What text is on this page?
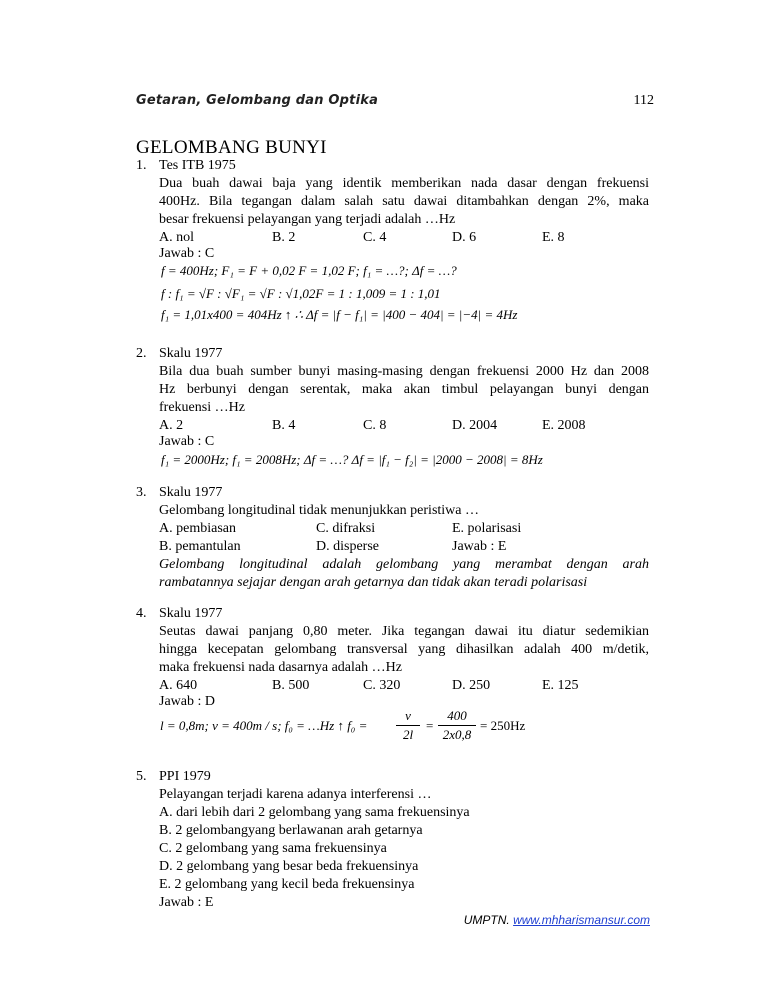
Getaran, Gelombang dan Optika	112
GELOMBANG BUNYI
1. Tes ITB 1975
Dua buah dawai baja yang identik memberikan nada dasar dengan frekuensi
400Hz. Bila tegangan dalam salah satu dawai ditambahkan dengan 2%, maka
besar frekuensi pelayangan yang terjadi adalah …Hz
A. nol	B. 2	C. 4	D. 6	E. 8
Jawab : C
f = 400Hz; F₁ = F + 0,02 F = 1,02 F; f₁ = …?; Δf = …?
f : f₁ = √F : √F₁ = √F : √1,02F = 1 : 1,009 = 1 : 1,01
f₁ = 1,01x400 = 404Hz ↑ ∴ Δf = |f − f₁| = |400 − 404| = |−4| = 4Hz
2. Skalu 1977
Bila dua buah sumber bunyi masing-masing dengan frekuensi 2000 Hz dan 2008
Hz berbunyi dengan serentak, maka akan timbul pelayangan bunyi dengan
frekuensi …Hz
A. 2	B. 4	C. 8	D. 2004	E. 2008
Jawab : C
f₁ = 2000Hz; f₁ = 2008Hz; Δf = …? Δf = |f₁ − f₂| = |2000 − 2008| = 8Hz
3. Skalu 1977
Gelombang longitudinal tidak menunjukkan peristiwa …
A. pembiasan	C. difraksi	E. polarisasi
B. pemantulan	D. disperse	Jawab : E
Gelombang longitudinal adalah gelombang yang merambat dengan arah
rambatannya sejajar dengan arah getarnya dan tidak akan teradi polarisasi
4. Skalu 1977
Seutas dawai panjang 0,80 meter. Jika tegangan dawai itu diatur sedemikian
hingga kecepatan gelombang transversal yang dihasilkan adalah 400 m/detik,
maka frekuensi nada dasarnya adalah …Hz
A. 640	B. 500	C. 320	D. 250	E. 125
Jawab : D
l = 0,8m; v = 400m / s; f₀ = …Hz ↑ f₀ =
v
2l
=
400
2x0,8
= 250Hz
5. PPI 1979
Pelayangan terjadi karena adanya interferensi …
A. dari lebih dari 2 gelombang yang sama frekuensinya
B. 2 gelombangyang berlawanan arah getarnya
C. 2 gelombang yang sama frekuensinya
D. 2 gelombang yang besar beda frekuensinya
E. 2 gelombang yang kecil beda frekuensinya
Jawab : E
UMPTN. www.mhharismansur.com
